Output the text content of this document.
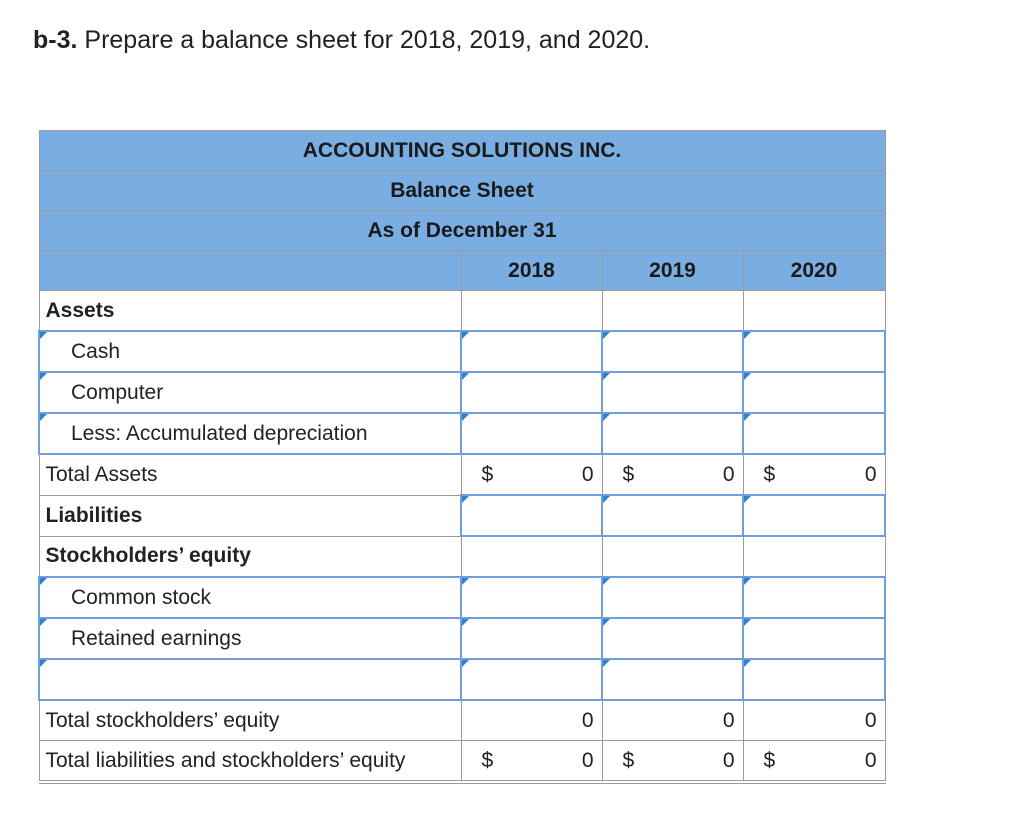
b-3. Prepare a balance sheet for 2018, 2019, and 2020.
ACCOUNTING SOLUTIONS INC.			
Balance Sheet			
As of December 31			
	2018	2019	2020
Assets			
Cash			
Computer			
Less: Accumulated depreciation			
Total Assets	$ 0	$ 0	$ 0

Liabilities			
Stockholders’ equity			
Common stock			
Retained earnings			

Total stockholders’ equity	0	0	0

Total liabilities and stockholders’ equity	$ 0	$ 0	$ 0
